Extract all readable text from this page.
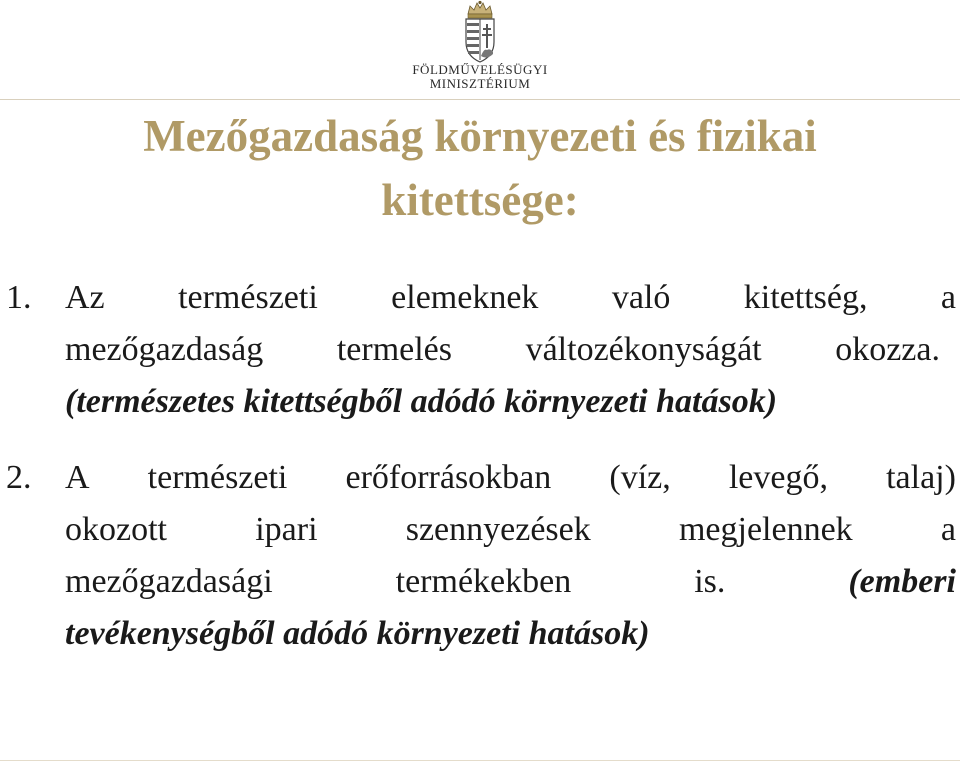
FÖLDMŰVELÉSÜGYI
MINISZTÉRIUM
Mezőgazdaság környezeti és fizikai
kitettsége:
1. Az természeti elemeknek való kitettség, a
mezőgazdaság termelés változékonyságát okozza.
(természetes kitettségből adódó környezeti hatások)
2. A természeti erőforrásokban (víz, levegő, talaj)
okozott	ipari	szennyezések	megjelennek	a
mezőgazdasági	termékekben	is.	(emberi
tevékenységből adódó környezeti hatások)
